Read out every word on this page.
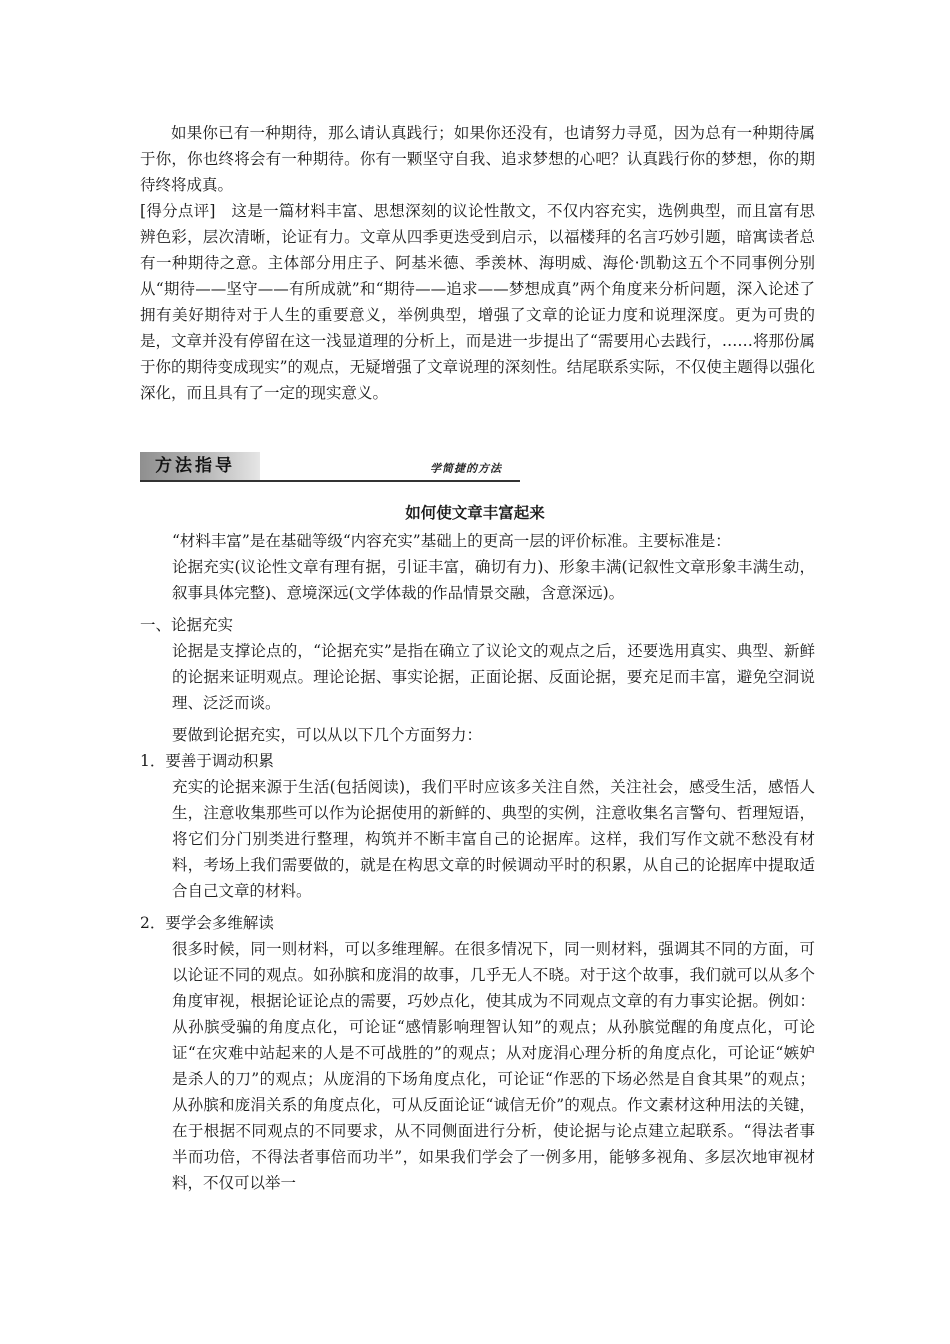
如果你已有一种期待，那么请认真践行；如果你还没有，也请努力寻觅，因为总有一种期待属于你，你也终将会有一种期待。你有一颗坚守自我、追求梦想的心吧？认真践行你的梦想，你的期待终将成真。

[得分点评]　这是一篇材料丰富、思想深刻的议论性散文，不仅内容充实，选例典型，而且富有思辨色彩，层次清晰，论证有力。文章从四季更迭受到启示，以福楼拜的名言巧妙引题，暗寓读者总有一种期待之意。主体部分用庄子、阿基米德、季羡林、海明威、海伦·凯勒这五个不同事例分别从“期待——坚守——有所成就”和“期待——追求——梦想成真”两个角度来分析问题，深入论述了拥有美好期待对于人生的重要意义，举例典型，增强了文章的论证力度和说理深度。更为可贵的是，文章并没有停留在这一浅显道理的分析上，而是进一步提出了“需要用心去践行，……将那份属于你的期待变成现实”的观点，无疑增强了文章说理的深刻性。结尾联系实际，不仅使主题得以强化深化，而且具有了一定的现实意义。

方法指导	学简捷的方法

如何使文章丰富起来

“材料丰富”是在基础等级“内容充实”基础上的更高一层的评价标准。主要标准是：

论据充实(议论性文章有理有据，引证丰富，确切有力)、形象丰满(记叙性文章形象丰满生动，叙事具体完整)、意境深远(文学体裁的作品情景交融，含意深远)。

一、论据充实

论据是支撑论点的，“论据充实”是指在确立了议论文的观点之后，还要选用真实、典型、新鲜的论据来证明观点。理论论据、事实论据，正面论据、反面论据，要充足而丰富，避免空洞说理、泛泛而谈。

要做到论据充实，可以从以下几个方面努力：

1．要善于调动积累

充实的论据来源于生活(包括阅读)，我们平时应该多关注自然，关注社会，感受生活，感悟人生，注意收集那些可以作为论据使用的新鲜的、典型的实例，注意收集名言警句、哲理短语，将它们分门别类进行整理，构筑并不断丰富自己的论据库。这样，我们写作文就不愁没有材料，考场上我们需要做的，就是在构思文章的时候调动平时的积累，从自己的论据库中提取适合自己文章的材料。

2．要学会多维解读

很多时候，同一则材料，可以多维理解。在很多情况下，同一则材料，强调其不同的方面，可以论证不同的观点。如孙膑和庞涓的故事，几乎无人不晓。对于这个故事，我们就可以从多个角度审视，根据论证论点的需要，巧妙点化，使其成为不同观点文章的有力事实论据。例如：从孙膑受骗的角度点化，可论证“感情影响理智认知”的观点；从孙膑觉醒的角度点化，可论证“在灾难中站起来的人是不可战胜的”的观点；从对庞涓心理分析的角度点化，可论证“嫉妒是杀人的刀”的观点；从庞涓的下场角度点化，可论证“作恶的下场必然是自食其果”的观点；从孙膑和庞涓关系的角度点化，可从反面论证“诚信无价”的观点。作文素材这种用法的关键，在于根据不同观点的不同要求，从不同侧面进行分析，使论据与论点建立起联系。“得法者事半而功倍，不得法者事倍而功半”，如果我们学会了一例多用，能够多视角、多层次地审视材料，不仅可以举一
